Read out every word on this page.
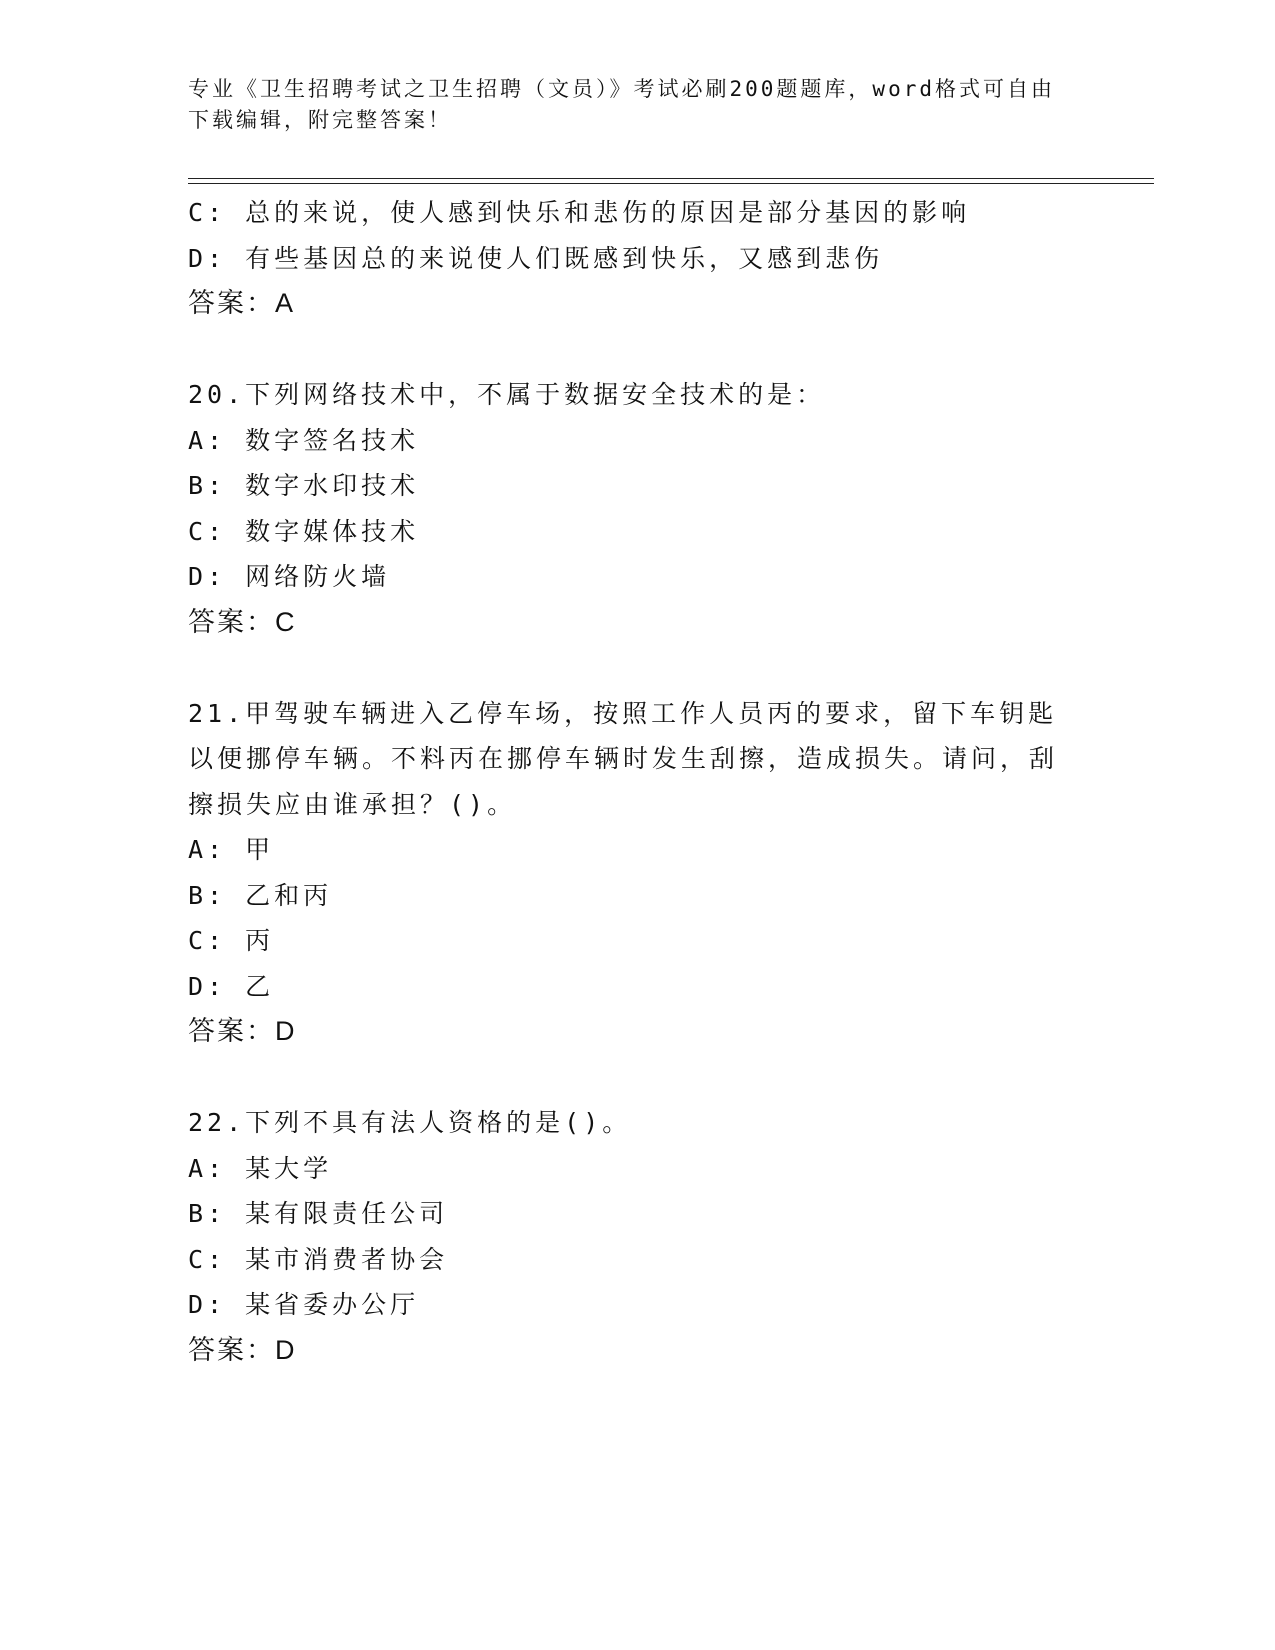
专业《卫生招聘考试之卫生招聘（文员）》考试必刷200题题库，word格式可自由下载编辑，附完整答案！
C: 总的来说，使人感到快乐和悲伤的原因是部分基因的影响
D: 有些基因总的来说使人们既感到快乐，又感到悲伤
答案：A
20.下列网络技术中，不属于数据安全技术的是：
A: 数字签名技术
B: 数字水印技术
C: 数字媒体技术
D: 网络防火墙
答案：C
21.甲驾驶车辆进入乙停车场，按照工作人员丙的要求，留下车钥匙以便挪停车辆。不料丙在挪停车辆时发生刮擦，造成损失。请问，刮擦损失应由谁承担？()。
A: 甲
B: 乙和丙
C: 丙
D: 乙
答案：D
22.下列不具有法人资格的是()。
A: 某大学
B: 某有限责任公司
C: 某市消费者协会
D: 某省委办公厅
答案：D
